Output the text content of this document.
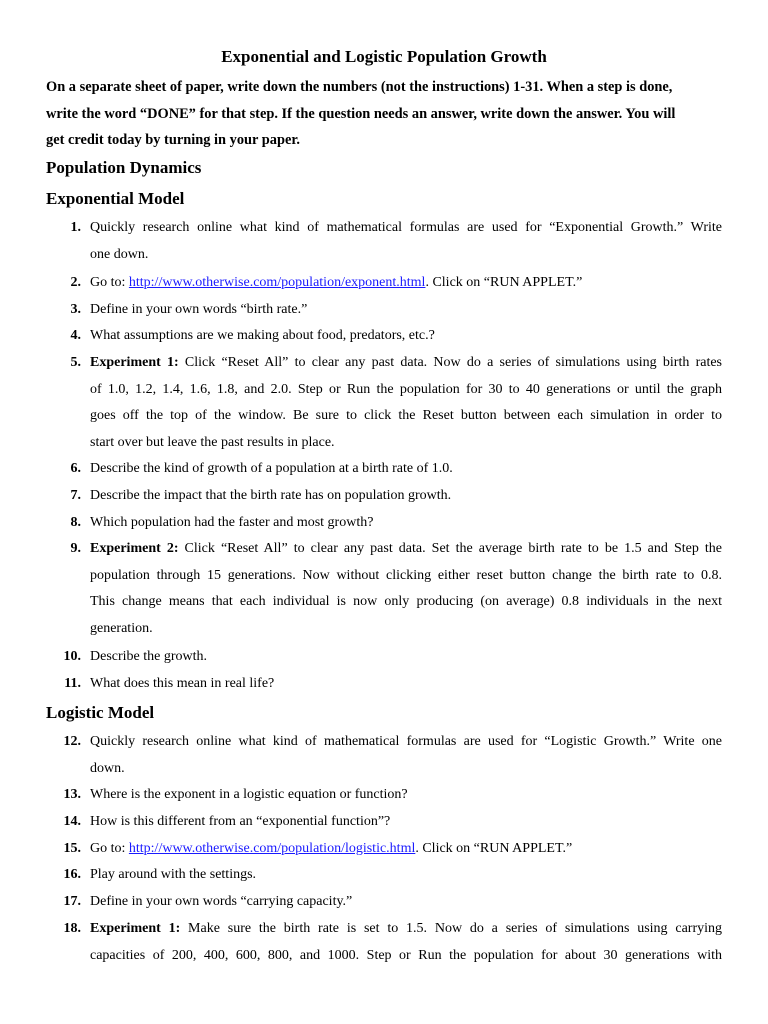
Exponential and Logistic Population Growth
On a separate sheet of paper, write down the numbers (not the instructions) 1-31. When a step is done,
write the word “DONE” for that step. If the question needs an answer, write down the answer. You will
get credit today by turning in your paper.
Population Dynamics
Exponential Model
1. Quickly research online what kind of mathematical formulas are used for “Exponential Growth.” Write
one down.
2. Go to: http://www.otherwise.com/population/exponent.html. Click on “RUN APPLET.”
3. Define in your own words “birth rate.”
4. What assumptions are we making about food, predators, etc.?
5. Experiment 1: Click “Reset All” to clear any past data. Now do a series of simulations using birth rates
of 1.0, 1.2, 1.4, 1.6, 1.8, and 2.0. Step or Run the population for 30 to 40 generations or until the graph
goes off the top of the window. Be sure to click the Reset button between each simulation in order to
start over but leave the past results in place.
6. Describe the kind of growth of a population at a birth rate of 1.0.
7. Describe the impact that the birth rate has on population growth.
8. Which population had the faster and most growth?
9. Experiment 2: Click “Reset All” to clear any past data. Set the average birth rate to be 1.5 and Step the
population through 15 generations. Now without clicking either reset button change the birth rate to 0.8.
This change means that each individual is now only producing (on average) 0.8 individuals in the next
generation.
10. Describe the growth.
11. What does this mean in real life?
Logistic Model
12. Quickly research online what kind of mathematical formulas are used for “Logistic Growth.” Write one
down.
13. Where is the exponent in a logistic equation or function?
14. How is this different from an “exponential function”?
15. Go to: http://www.otherwise.com/population/logistic.html. Click on “RUN APPLET.”
16. Play around with the settings.
17. Define in your own words “carrying capacity.”
18. Experiment 1: Make sure the birth rate is set to 1.5. Now do a series of simulations using carrying
capacities of 200, 400, 600, 800, and 1000. Step or Run the population for about 30 generations with
